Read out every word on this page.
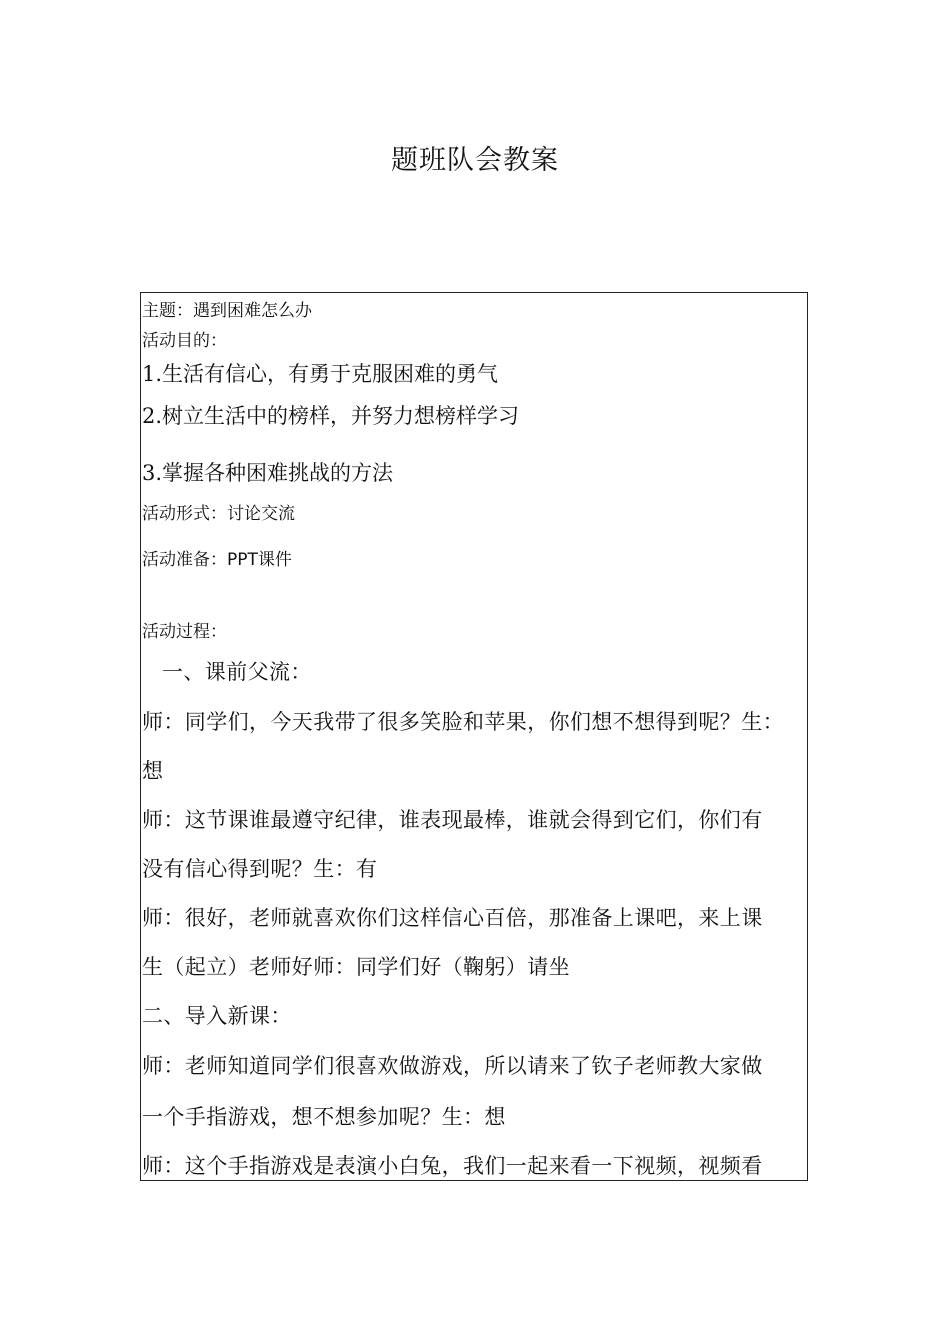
题班队会教案
主题：遇到困难怎么办
活动目的：
1.生活有信心，有勇于克服困难的勇气
2.树立生活中的榜样，并努力想榜样学习
3.掌握各种困难挑战的方法
活动形式：讨论交流
活动准备：PPT课件
活动过程：
一、课前父流：
师：同学们，今天我带了很多笑脸和苹果，你们想不想得到呢？生：
想
师：这节课谁最遵守纪律，谁表现最棒，谁就会得到它们，你们有
没有信心得到呢？生：有
师：很好，老师就喜欢你们这样信心百倍，那准备上课吧，来上课
生（起立）老师好师：同学们好（鞠躬）请坐
二、导入新课：
师：老师知道同学们很喜欢做游戏，所以请来了钦子老师教大家做
一个手指游戏，想不想参加呢？生：想
师：这个手指游戏是表演小白兔，我们一起来看一下视频，视频看
